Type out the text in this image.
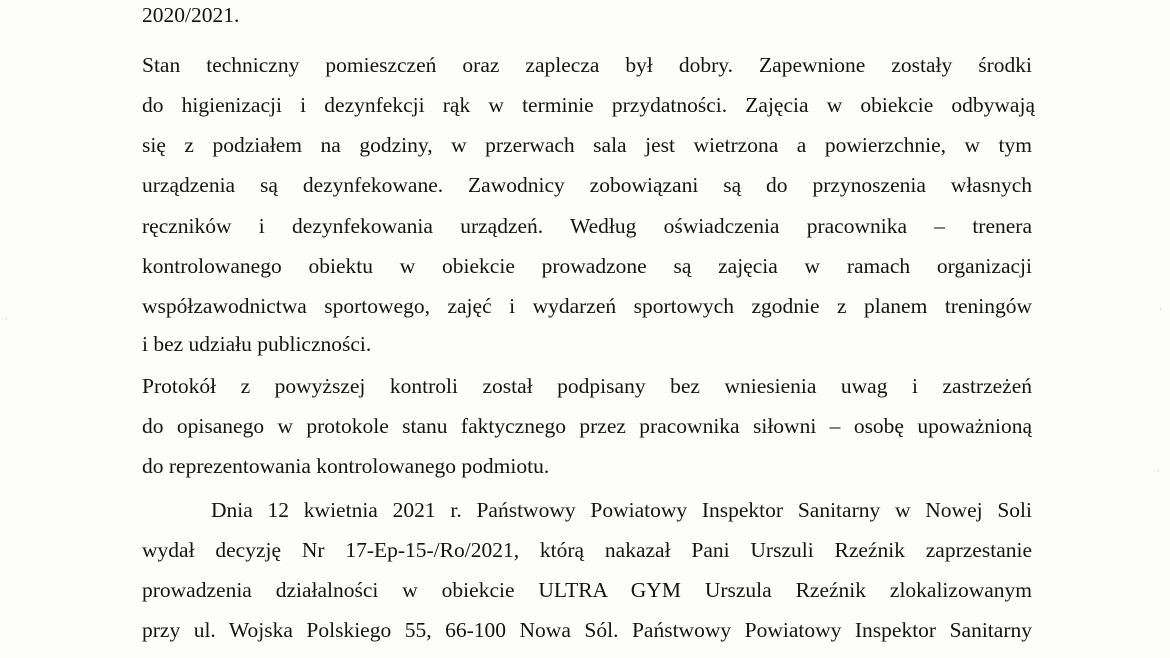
2020/2021.
Stan techniczny pomieszczeń oraz zaplecza był dobry. Zapewnione zostały środki
do higienizacji i dezynfekcji rąk w terminie przydatności. Zajęcia w obiekcie odbywają
się z podziałem na godziny, w przerwach sala jest wietrzona a powierzchnie, w tym
urządzenia są dezynfekowane. Zawodnicy zobowiązani są do przynoszenia własnych
ręczników i dezynfekowania urządzeń. Według oświadczenia pracownika – trenera
kontrolowanego obiektu w obiekcie prowadzone są zajęcia w ramach organizacji
współzawodnictwa sportowego, zajęć i wydarzeń sportowych zgodnie z planem treningów
i bez udziału publiczności.
Protokół z powyższej kontroli został podpisany bez wniesienia uwag i zastrzeżeń
do opisanego w protokole stanu faktycznego przez pracownika siłowni – osobę upoważnioną
do reprezentowania kontrolowanego podmiotu.
Dnia 12 kwietnia 2021 r. Państwowy Powiatowy Inspektor Sanitarny w Nowej Soli
wydał decyzję Nr 17-Ep-15-/Ro/2021, którą nakazał Pani Urszuli Rzeźnik zaprzestanie
prowadzenia działalności w obiekcie ULTRA GYM Urszula Rzeźnik zlokalizowanym
przy ul. Wojska Polskiego 55, 66-100 Nowa Sól. Państwowy Powiatowy Inspektor Sanitarny
